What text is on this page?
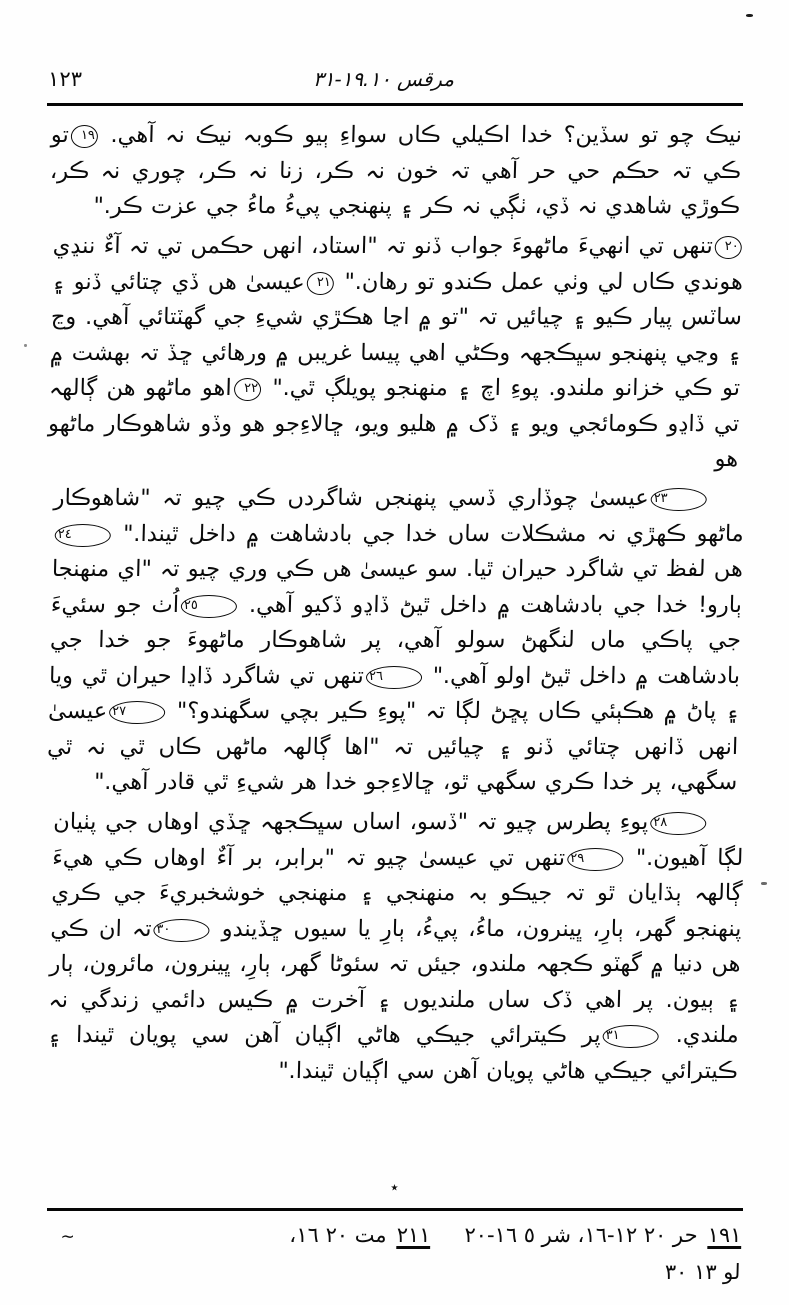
١٢٣	مرقس ١٩.١٠-٣١

نيڪ چو تو سڏين؟ خدا اڪيلي ڪاں سواءِ ٻيو ڪوبہ نيڪ نہ آهي. ١٩تو ڪي تہ حڪم حي حر آهي تہ خون نہ ڪر، زنا نہ ڪر، چوري نہ ڪر، ڪوڙي شاهدي نہ ڏي، ٺڳي نہ ڪر ۽ پنهنجي پيءُ ماءُ جي عزت ڪر."

٢٠تنهں تي انهيءَ ماڻهوءَ جواب ڏنو تہ "استاد، انهں حڪمں تي تہ آءٌ ننڍي هوندي ڪاں لي وٺي عمل ڪندو تو رهان." ٢١عيسىٰ هں ڏي چتائي ڏنو ۽ ساٽس پيار ڪيو ۽ چيائيں تہ "تو ۾ اڃا هڪڙي شيءِ جي گهٽتائي آهي. وڃ ۽ وڃي پنهنجو سڀڪجهہ وڪڻي اهي پيسا غريبں ۾ ورهائي ڇڏ تہ بهشت ۾ تو ڪي خزانو ملندو. پوءِ اچ ۽ منهنجو پويلڳ ٿي." ٢٢اهو ماڻهو هن ڳالهہ تي ڏاڍو ڪومائجي ويو ۽ ڏک ۾ هليو ويو، ڇالاءِجو هو وڏو شاهوڪار ماڻهو هو

٢٣عيسىٰ چوڏاري ڏسي پنهنجں شاگردں ڪي چيو تہ "شاهوڪار ماڻهو ڪهڙي نہ مشڪلات ساں خدا جي بادشاهت ۾ داخل ٿيندا." ٢٤هں لفظ تي شاگرد حيران ٿيا. سو عيسىٰ هں ڪي وري چيو تہ "اي منهنجا ٻارو! خدا جي بادشاهت ۾ داخل ٿيڻ ڏاڍو ڏکيو آهي. ٢٥اُٺ جو سئيءَ جي پاڪي ماں لنگهڻ سولو آهي، پر شاهوڪار ماڻهوءَ جو خدا جي بادشاهت ۾ داخل ٿيڻ اولو آهي." ٢٦تنهں تي شاگرد ڏاڍا حيران ٿي ويا ۽ پاڻ ۾ هڪٻئي ڪاں پڇڻ لڳا تہ "پوءِ ڪير بچي سگهندو؟" ٢٧عيسىٰ انهں ڏانهں چتائي ڏنو ۽ چيائيں تہ "اها ڳالهہ ماڻهں ڪاں ٿي نہ ٿي سگهي، پر خدا ڪري سگهي ٿو، ڇالاءِجو خدا هر شيءِ ٿي قادر آهي."

٢٨پوءِ پطرس چيو تہ "ڏسو، اساں سڀڪجهہ ڇڏي اوهاں جي پٺيان لڳا آهيون." ٢٩تنهں تي عيسىٰ چيو تہ "برابر، بر آءٌ اوهاں ڪي هيءَ ڳالهہ ٻڌايان ٿو تہ جيڪو بہ منهنجي ۽ منهنجي خوشخبريءَ جي ڪري پنهنجو گهر، ٻارِ، ڀينرون، ماءُ، پيءُ، ٻارِ يا سيوں ڇڏيندو ٣٠تہ ان ڪي هں دنيا ۾ گهٽو ڪجهہ ملندو، جيئں تہ سئوڻا گهر، ٻارِ، ڀينرون، مائرون، ٻار ۽ ٻيون. پر اهي ڏک ساں ملندیوں ۽ آخرت ۾ ڪيس دائمي زندگي نہ ملندي. ٣١پر ڪيترائي جيڪي هاڻي اڳيان آهن سي پويان ٿيندا ۽ ڪيترائي جيڪي هاڻي پويان آهن سي اڳيان ٿيندا."

٭
١٩١
حر ٢٠ ١٢-١٦، شر ٥ ١٦-٢٠
٢١١
مت ٢٠ ١٦،
~
لو ١٣ ٣٠
